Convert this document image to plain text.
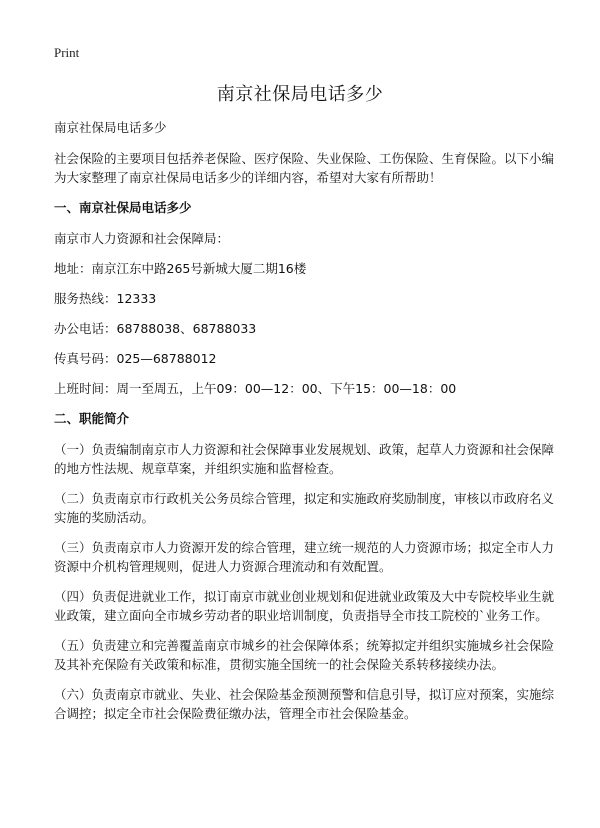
Print
南京社保局电话多少

南京社保局电话多少

社会保险的主要项目包括养老保险、医疗保险、失业保险、工伤保险、生育保险。以下小编为大家整理了南京社保局电话多少的详细内容，希望对大家有所帮助！

一、南京社保局电话多少

南京市人力资源和社会保障局：

地址：南京江东中路265号新城大厦二期16楼

服务热线：12333

办公电话：68788038、68788033

传真号码：025—68788012

上班时间：周一至周五，上午09：00—12：00、下午15：00—18：00

二、职能简介

（一）负责编制南京市人力资源和社会保障事业发展规划、政策，起草人力资源和社会保障的地方性法规、规章草案，并组织实施和监督检查。

（二）负责南京市行政机关公务员综合管理，拟定和实施政府奖励制度，审核以市政府名义实施的奖励活动。

（三）负责南京市人力资源开发的综合管理，建立统一规范的人力资源市场；拟定全市人力资源中介机构管理规则，促进人力资源合理流动和有效配置。

（四）负责促进就业工作，拟订南京市就业创业规划和促进就业政策及大中专院校毕业生就业政策，建立面向全市城乡劳动者的职业培训制度，负责指导全市技工院校的`业务工作。

（五）负责建立和完善覆盖南京市城乡的社会保障体系；统筹拟定并组织实施城乡社会保险及其补充保险有关政策和标准，贯彻实施全国统一的社会保险关系转移接续办法。

（六）负责南京市就业、失业、社会保险基金预测预警和信息引导，拟订应对预案，实施综合调控；拟定全市社会保险费征缴办法，管理全市社会保险基金。
